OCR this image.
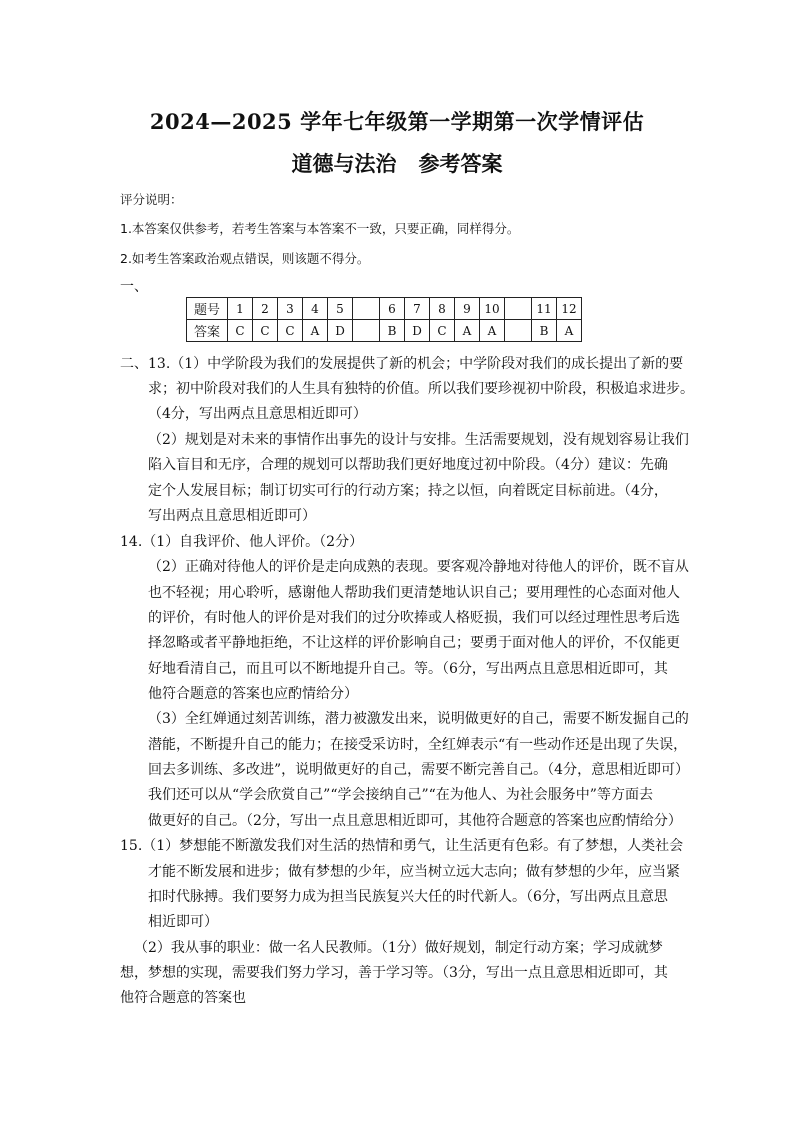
2024—2025 学年七年级第一学期第一次学情评估
道德与法治 参考答案
评分说明：
1.本答案仅供参考，若考生答案与本答案不一致，只要正确，同样得分。
2.如考生答案政治观点错误，则该题不得分。
一、
题号	1	2	3	4	5		6	7	8	9	10		11	12
答案	C	C	C	A	D		B	D	C	A	A		B	A
二、13.（1）中学阶段为我们的发展提供了新的机会；中学阶段对我们的成长提出了新的要
求；初中阶段对我们的人生具有独特的价值。所以我们要珍视初中阶段，积极追求进步。
（4分，写出两点且意思相近即可）
（2）规划是对未来的事情作出事先的设计与安排。生活需要规划，没有规划容易让我们
陷入盲目和无序，合理的规划可以帮助我们更好地度过初中阶段。（4分）建议：先确
定个人发展目标；制订切实可行的行动方案；持之以恒，向着既定目标前进。（4分，
写出两点且意思相近即可）
14.（1）自我评价、他人评价。（2分）
（2）正确对待他人的评价是走向成熟的表现。要客观冷静地对待他人的评价，既不盲从
也不轻视；用心聆听，感谢他人帮助我们更清楚地认识自己；要用理性的心态面对他人
的评价，有时他人的评价是对我们的过分吹捧或人格贬损，我们可以经过理性思考后选
择忽略或者平静地拒绝，不让这样的评价影响自己；要勇于面对他人的评价，不仅能更
好地看清自己，而且可以不断地提升自己。等。（6分，写出两点且意思相近即可，其
他符合题意的答案也应酌情给分）
（3）全红婵通过刻苦训练，潜力被激发出来，说明做更好的自己，需要不断发掘自己的
潜能，不断提升自己的能力；在接受采访时，全红婵表示“有一些动作还是出现了失误，
回去多训练、多改进”，说明做更好的自己，需要不断完善自己。（4分，意思相近即可）
我们还可以从“学会欣赏自己”“学会接纳自己”“在为他人、为社会服务中”等方面去
做更好的自己。（2分，写出一点且意思相近即可，其他符合题意的答案也应酌情给分）
15.（1）梦想能不断激发我们对生活的热情和勇气，让生活更有色彩。有了梦想，人类社会
才能不断发展和进步；做有梦想的少年，应当树立远大志向；做有梦想的少年，应当紧
扣时代脉搏。我们要努力成为担当民族复兴大任的时代新人。（6分，写出两点且意思
相近即可）
（2）我从事的职业：做一名人民教师。（1分）做好规划，制定行动方案；学习成就梦
想，梦想的实现，需要我们努力学习，善于学习等。（3分，写出一点且意思相近即可，其
他符合题意的答案也
